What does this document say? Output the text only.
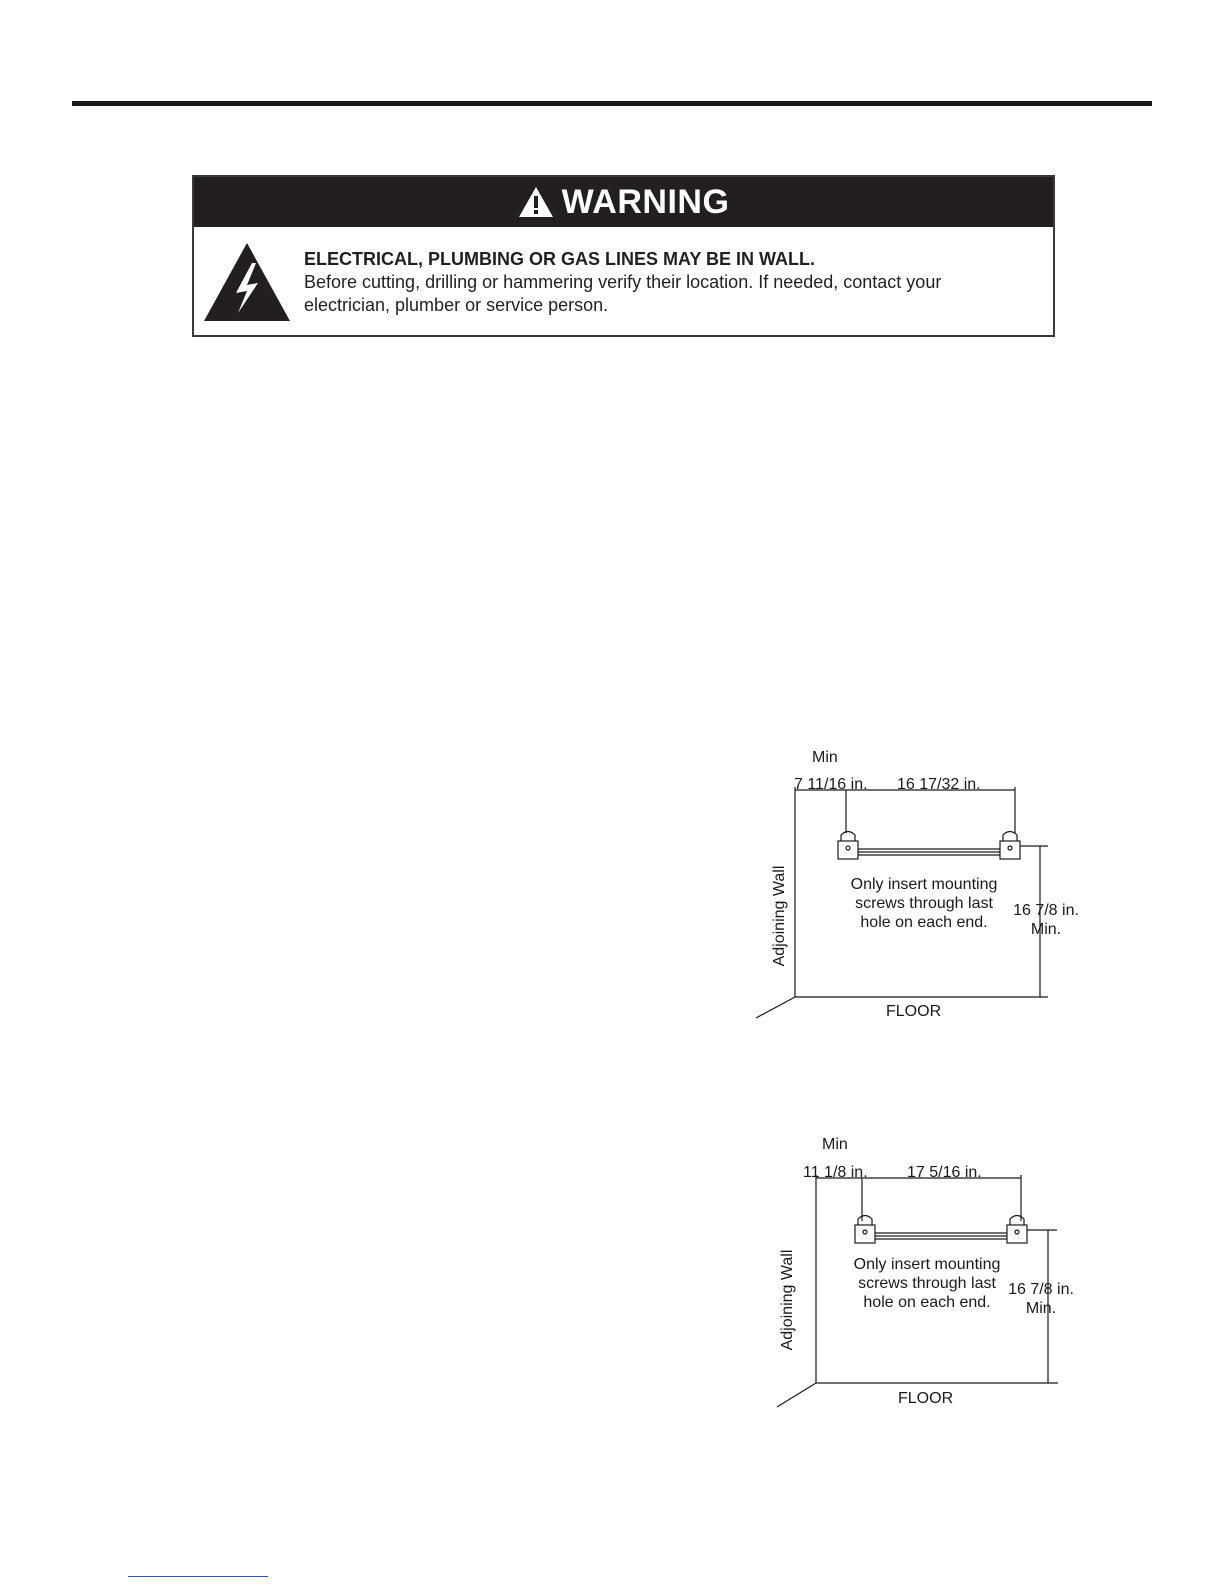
WARNING
ELECTRICAL, PLUMBING OR GAS LINES MAY BE IN WALL.
Before cutting, drilling or hammering verify their location. If needed, contact your electrician, plumber or service person.
Min
7 11/16 in. 16 17/32 in.
Adjoining Wall	Only insert mounting
screws through last
hole on each end.
16 7/8 in.
Min.
FLOOR
Min
11 1/8 in. 17 5/16 in.
Adjoining Wall	Only insert mounting
screws through last
hole on each end.
16 7/8 in.
Min.
FLOOR
